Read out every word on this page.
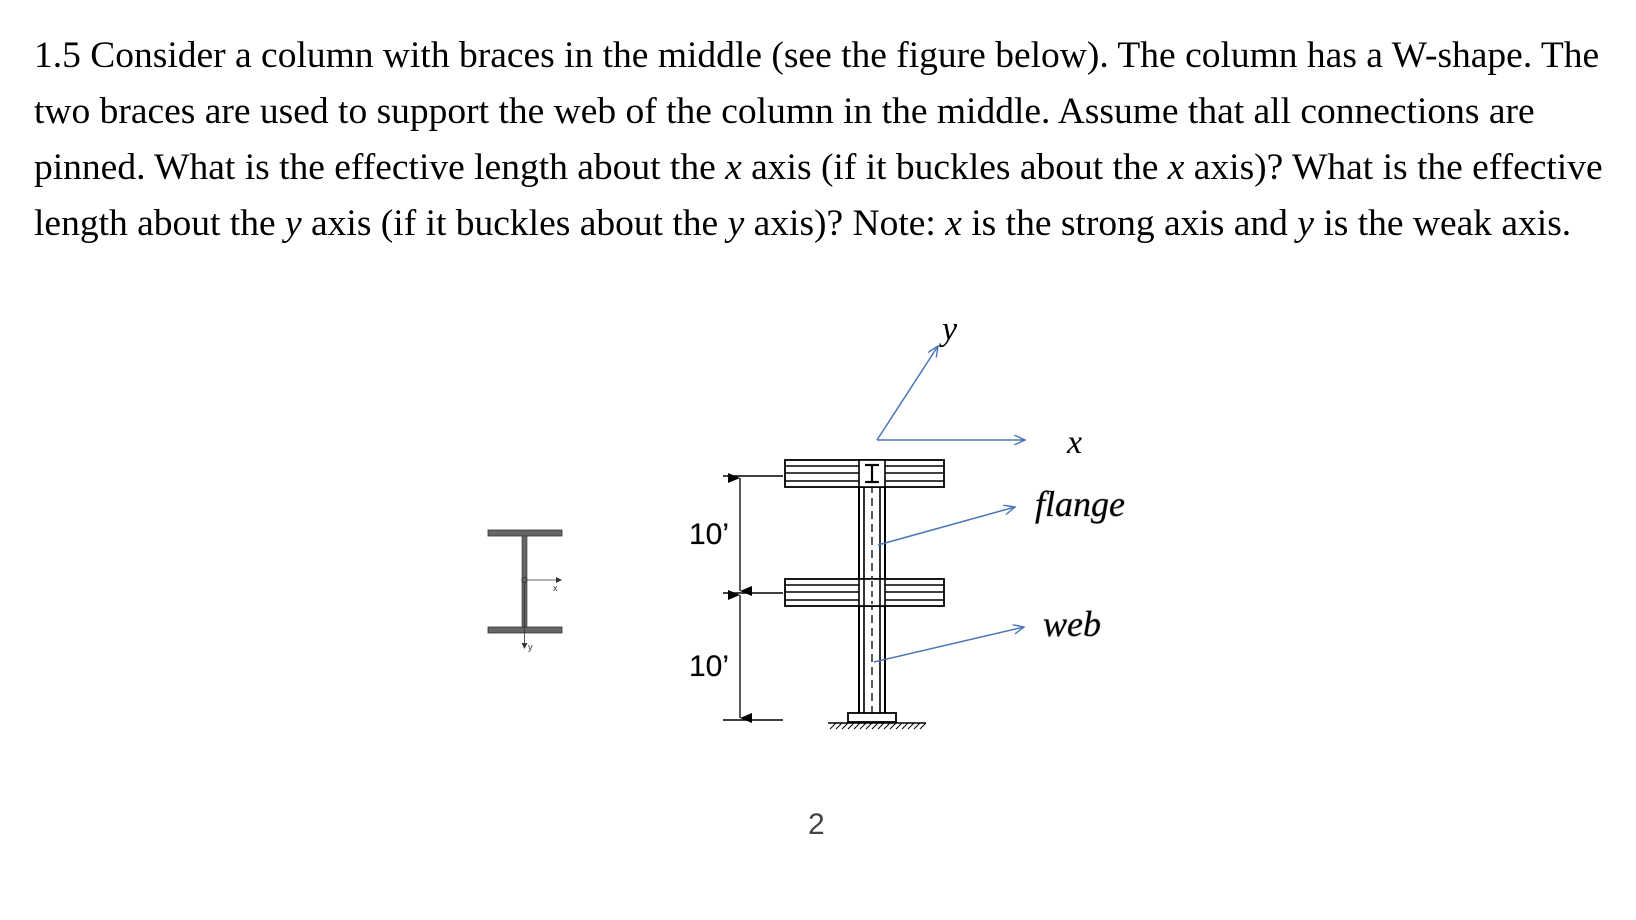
1.5 Consider a column with braces in the middle (see the figure below). The column has a W-shape. The two braces are used to support the web of the column in the middle. Assume that all connections are pinned. What is the effective length about the x axis (if it buckles about the x axis)? What is the effective length about the y axis (if it buckles about the y axis)? Note: x is the strong axis and y is the weak axis.

x
y
10’
10’
y
x
flange
web
2
